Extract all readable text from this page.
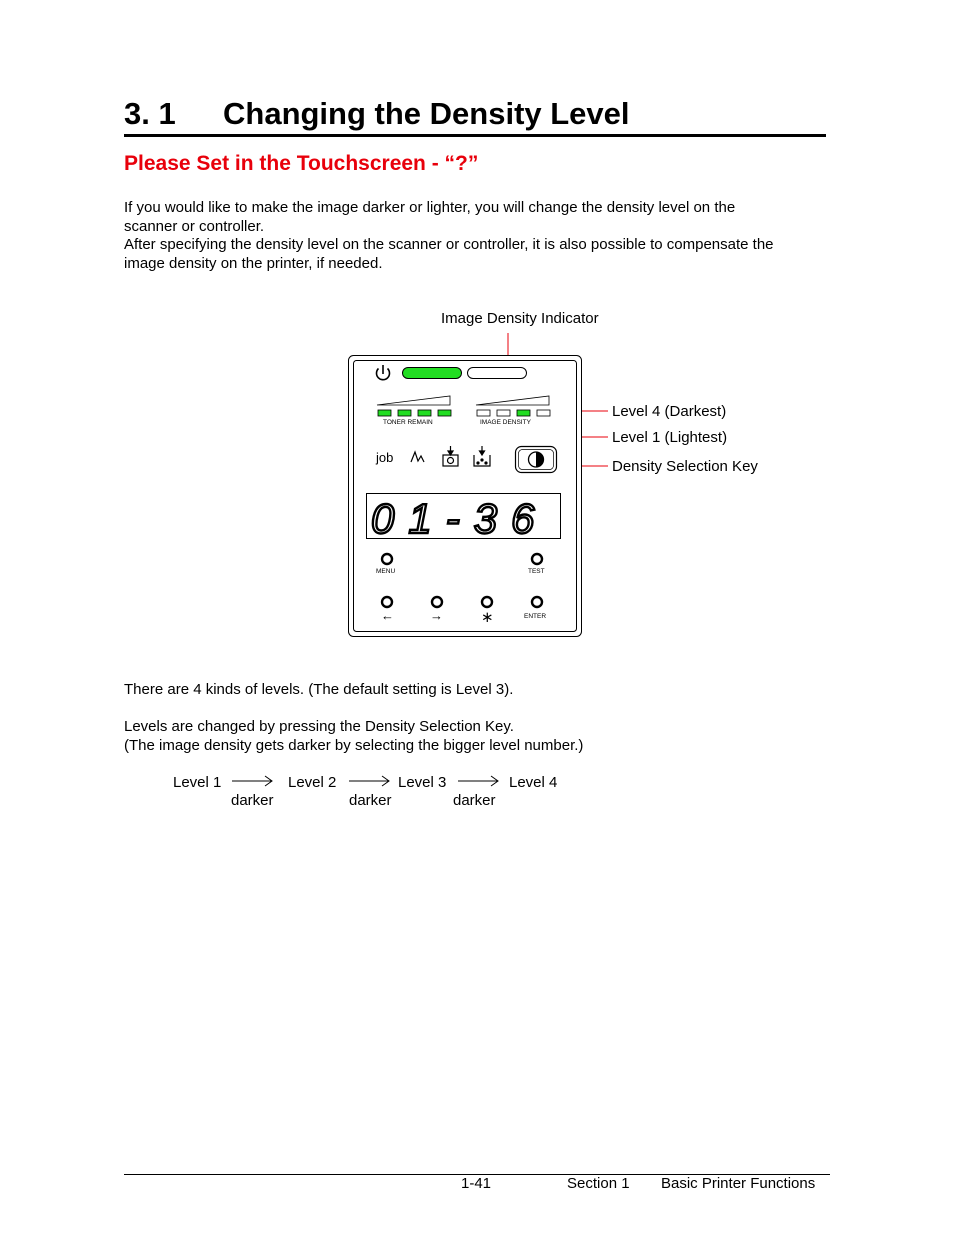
3. 1 Changing the Density Level
Please Set in the Touchscreen - “?”
If you would like to make the image darker or lighter, you will change the density level on the
scanner or controller.
After specifying the density level on the scanner or controller, it is also possible to compensate the
image density on the printer, if needed.
Image Density Indicator
01-36
TONER REMAIN	IMAGE DENSITY
job
MENU	TEST
←	→	∗	ENTER
Level 4 (Darkest)
Level 1 (Lightest)
Density Selection Key
There are 4 kinds of levels. (The default setting is Level 3).
Levels are changed by pressing the Density Selection Key.
(The image density gets darker by selecting the bigger level number.)
Level 1	Level 2	Level 3	Level 4
darker	darker	darker
1-41	Section 1 Basic Printer Functions
